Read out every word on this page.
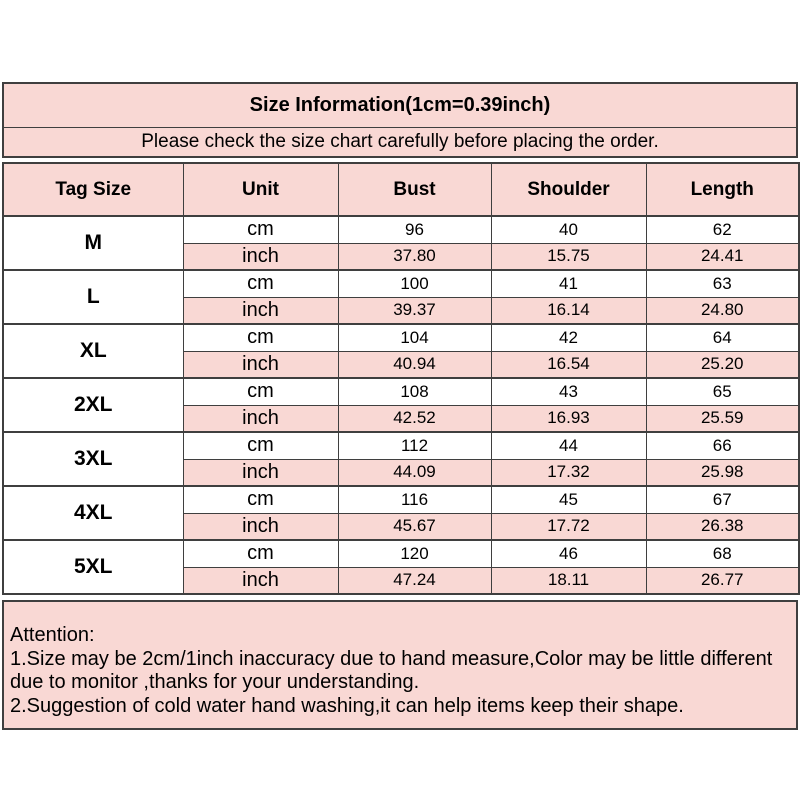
Size Information(1cm=0.39inch)
Please check the size chart carefully before placing the order.
Tag Size	Unit	Bust	Shoulder	Length
M	cm	96	40	62
	inch	37.80	15.75	24.41
L	cm	100	41	63
	inch	39.37	16.14	24.80
XL	cm	104	42	64
	inch	40.94	16.54	25.20
2XL	cm	108	43	65
	inch	42.52	16.93	25.59
3XL	cm	112	44	66
	inch	44.09	17.32	25.98
4XL	cm	116	45	67
	inch	45.67	17.72	26.38
5XL	cm	120	46	68
	inch	47.24	18.11	26.77

Attention:

1.Size may be 2cm/1inch inaccuracy due to hand measure,Color may be little different due to monitor ,thanks for your understanding.

2.Suggestion of cold water hand washing,it can help items keep their shape.
